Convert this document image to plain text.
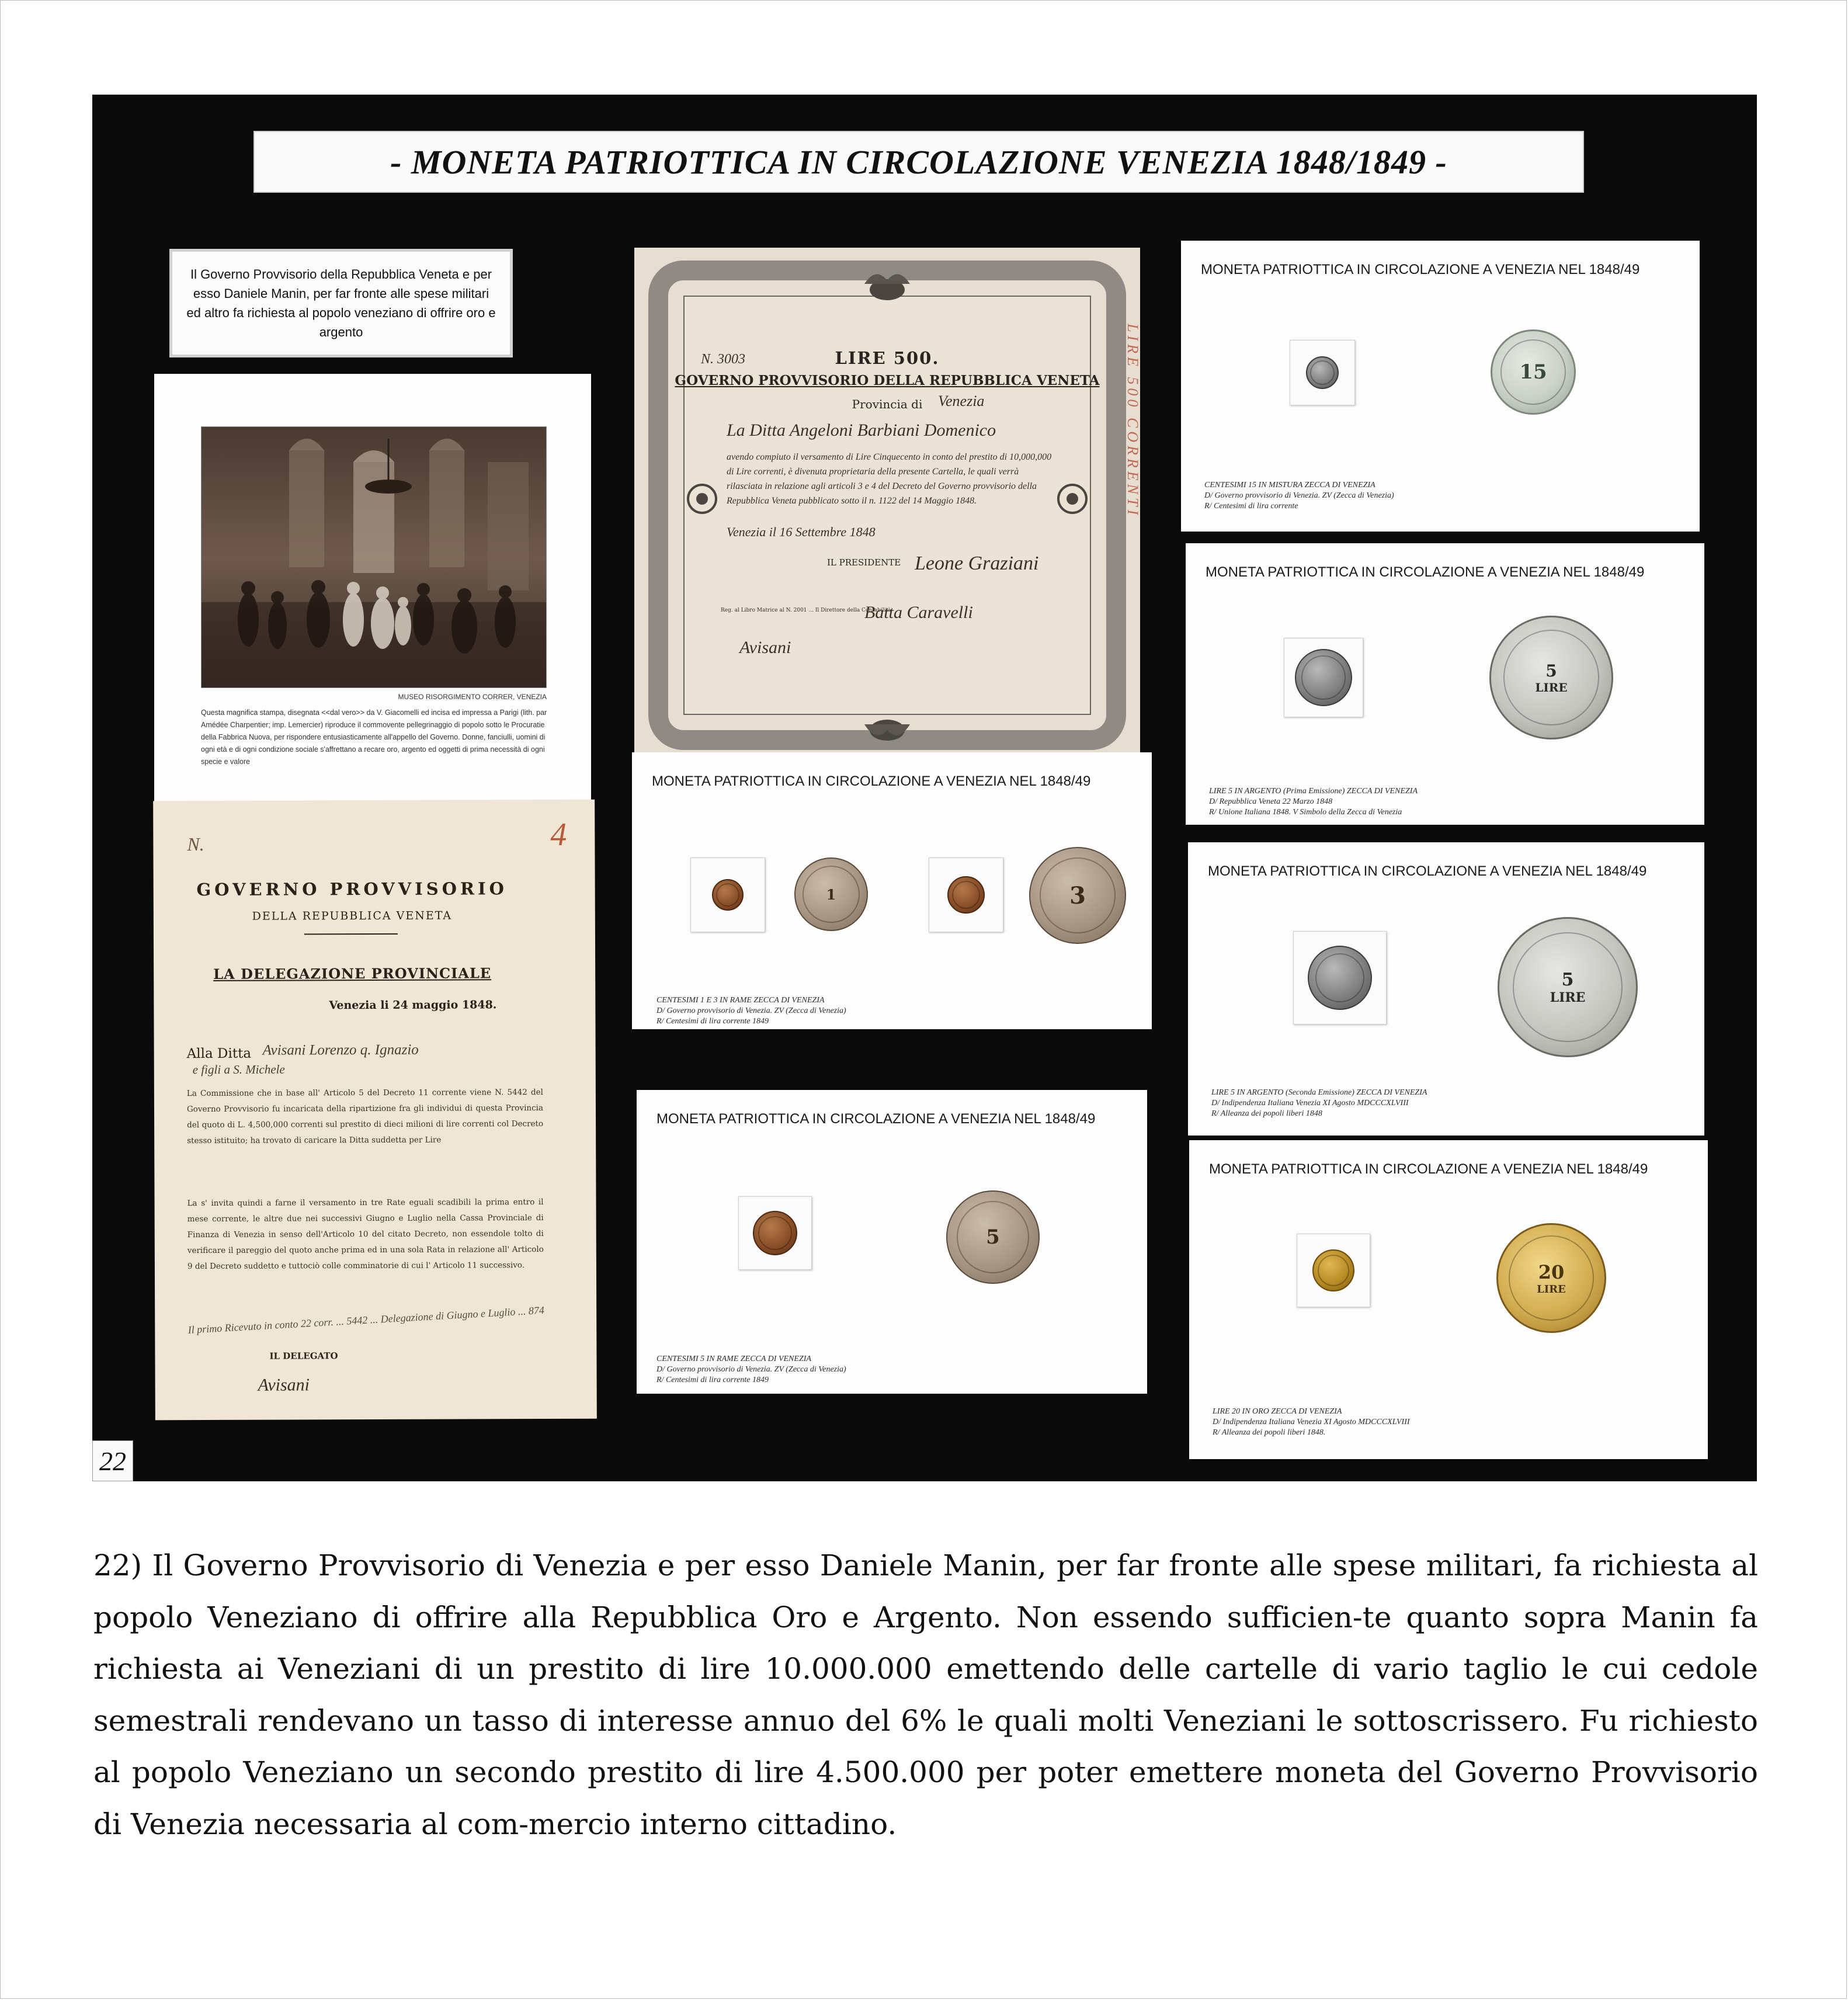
- MONETA PATRIOTTICA IN CIRCOLAZIONE VENEZIA 1848/1849 -
Il Governo Provvisorio della Repubblica Veneta e per esso Daniele Manin, per far fronte alle spese militari ed altro fa richiesta al popolo veneziano di offrire oro e argento
MUSEO RISORGIMENTO CORRER, VENEZIA
Questa magnifica stampa, disegnata <<dal vero>> da V. Giacomelli ed incisa ed impressa a Parigi (lith. par Amédée Charpentier; imp. Lemercier) riproduce il commovente pellegrinaggio di popolo sotto le Procuratie della Fabbrica Nuova, per rispondere entusiasticamente all'appello del Governo. Donne, fanciulli, uomini di ogni età e di ogni condizione sociale s'affrettano a recare oro, argento ed oggetti di prima necessità di ogni specie e valore
N.	4
GOVERNO PROVVISORIO
DELLA REPUBBLICA VENETA
LA DELEGAZIONE PROVINCIALE
Venezia li 24 maggio 1848.
Alla Ditta Avisani Lorenzo q. Ignazio
e figli a S. Michele
La Commissione che in base all' Articolo 5 del Decreto 11 corrente viene N. 5442 del Governo Provvisorio fu incaricata della ripartizione fra gli individui di questa Provincia del quoto di L. 4,500,000 correnti sul prestito di dieci milioni di lire correnti col Decreto stesso istituito; ha trovato di caricare la Ditta suddetta per Lire
La s' invita quindi a farne il versamento in tre Rate eguali scadibili la prima entro il mese corrente, le altre due nei successivi Giugno e Luglio nella Cassa Provinciale di Finanza di Venezia in senso dell'Articolo 10 del citato Decreto, non essendole tolto di verificare il pareggio del quoto anche prima ed in una sola Rata in relazione all' Articolo 9 del Decreto suddetto e tuttociò colle comminatorie di cui l' Articolo 11 successivo.
Il primo Ricevuto in conto 22 corr. ... 5442 ... Delegazione di Giugno e Luglio ... 874
IL DELEGATO
Avisani
N. 3003	LIRE 500.
GOVERNO PROVVISORIO DELLA REPUBBLICA VENETA
Provincia di	Venezia
La Ditta Angeloni Barbiani Domenico
avendo compiuto il versamento di Lire Cinquecento in conto del prestito di 10,000,000 di Lire correnti, è divenuta proprietaria della presente Cartella, le quali verrà rilasciata in relazione agli articoli 3 e 4 del Decreto del Governo provvisorio della Repubblica Veneta pubblicato sotto il n. 1122 del 14 Maggio 1848.
Venezia il 16 Settembre 1848
IL PRESIDENTE Leone Graziani
Reg. al Libro Matrice al N. 2001 ... Il Direttore della Contabilità
Batta Caravelli
Avisani
LIRE 500 CORRENTI
MONETA PATRIOTTICA IN CIRCOLAZIONE A VENEZIA NEL 1848/49
15
CENTESIMI 15 IN MISTURA ZECCA DI VENEZIA
D/ Governo provvisorio di Venezia. ZV (Zecca di Venezia)
R/ Centesimi di lira corrente
MONETA PATRIOTTICA IN CIRCOLAZIONE A VENEZIA NEL 1848/49
5
LIRE
LIRE 5 IN ARGENTO (Prima Emissione) ZECCA DI VENEZIA
D/ Repubblica Veneta 22 Marzo 1848
R/ Unione Italiana 1848. V Simbolo della Zecca di Venezia
MONETA PATRIOTTICA IN CIRCOLAZIONE A VENEZIA NEL 1848/49
1	3
CENTESIMI 1 E 3 IN RAME ZECCA DI VENEZIA
D/ Governo provvisorio di Venezia. ZV (Zecca di Venezia)
R/ Centesimi di lira corrente 1849
MONETA PATRIOTTICA IN CIRCOLAZIONE A VENEZIA NEL 1848/49
5
LIRE
LIRE 5 IN ARGENTO (Seconda Emissione) ZECCA DI VENEZIA
D/ Indipendenza Italiana Venezia XI Agosto MDCCCXLVIII
R/ Alleanza dei popoli liberi 1848
MONETA PATRIOTTICA IN CIRCOLAZIONE A VENEZIA NEL 1848/49
5
CENTESIMI 5 IN RAME ZECCA DI VENEZIA
D/ Governo provvisorio di Venezia. ZV (Zecca di Venezia)
R/ Centesimi di lira corrente 1849
MONETA PATRIOTTICA IN CIRCOLAZIONE A VENEZIA NEL 1848/49
20
LIRE
LIRE 20 IN ORO ZECCA DI VENEZIA
D/ Indipendenza Italiana Venezia XI Agosto MDCCCXLVIII
R/ Alleanza dei popoli liberi 1848.
22
22) Il Governo Provvisorio di Venezia e per esso Daniele Manin, per far fronte alle spese militari, fa richiesta al popolo Veneziano di offrire alla Repubblica Oro e Argento. Non essendo sufficien-te quanto sopra Manin fa richiesta ai Veneziani di un prestito di lire 10.000.000 emettendo delle cartelle di vario taglio le cui cedole semestrali rendevano un tasso di interesse annuo del 6% le quali molti Veneziani le sottoscrissero. Fu richiesto al popolo Veneziano un secondo prestito di lire 4.500.000 per poter emettere moneta del Governo Provvisorio di Venezia necessaria al com-mercio interno cittadino.
